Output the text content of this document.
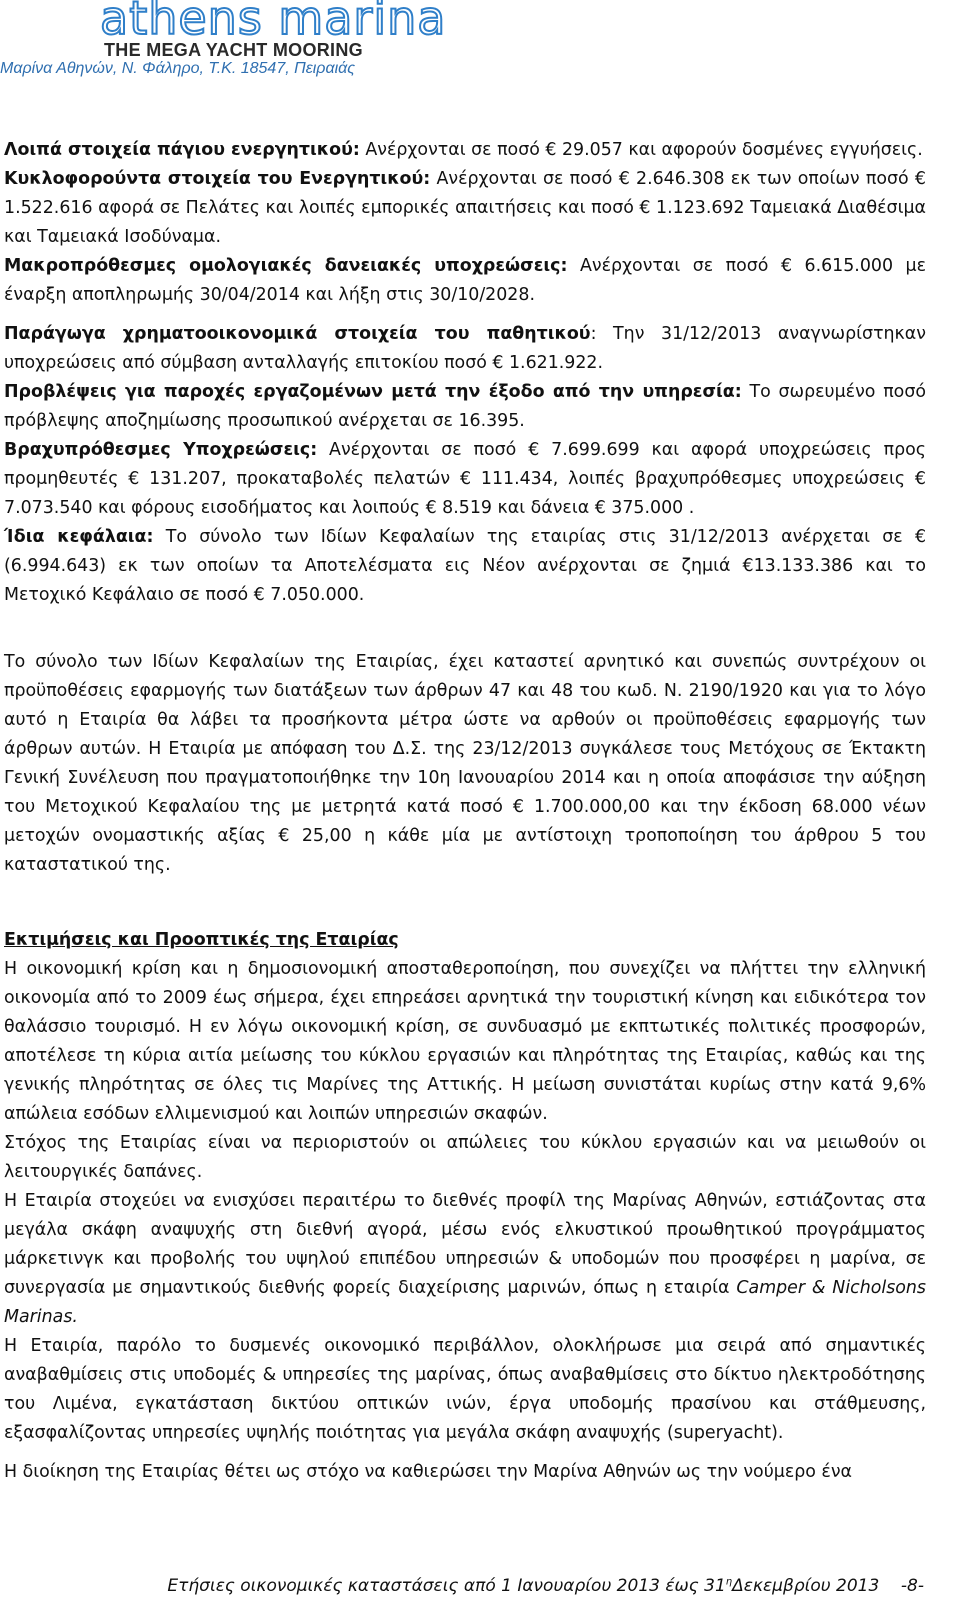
athens marina
THE MEGA YACHT MOORING
Μαρίνα Αθηνών, Ν. Φάληρο, Τ.Κ. 18547, Πειραιάς

Λοιπά στοιχεία πάγιου ενεργητικού: Ανέρχονται σε ποσό € 29.057 και αφορούν δοσμένες εγγυήσεις.

Κυκλοφορούντα στοιχεία του Ενεργητικού: Ανέρχονται σε ποσό € 2.646.308 εκ των οποίων ποσό € 1.522.616 αφορά σε Πελάτες και λοιπές εμπορικές απαιτήσεις και ποσό € 1.123.692 Ταμειακά Διαθέσιμα και Ταμειακά Ισοδύναμα.

Μακροπρόθεσμες ομολογιακές δανειακές υποχρεώσεις: Ανέρχονται σε ποσό € 6.615.000 με έναρξη αποπληρωμής 30/04/2014 και λήξη στις 30/10/2028.

Παράγωγα χρηματοοικονομικά στοιχεία του παθητικού: Την 31/12/2013 αναγνωρίστηκαν υποχρεώσεις από σύμβαση ανταλλαγής επιτοκίου ποσό € 1.621.922.

Προβλέψεις για παροχές εργαζομένων μετά την έξοδο από την υπηρεσία: Το σωρευμένο ποσό πρόβλεψης αποζημίωσης προσωπικού ανέρχεται σε 16.395.

Βραχυπρόθεσμες Υποχρεώσεις: Ανέρχονται σε ποσό € 7.699.699 και αφορά υποχρεώσεις προς προμηθευτές € 131.207, προκαταβολές πελατών € 111.434, λοιπές βραχυπρόθεσμες υποχρεώσεις € 7.073.540 και φόρους εισοδήματος και λοιπούς € 8.519 και δάνεια € 375.000 .

Ίδια κεφάλαια: Το σύνολο των Ιδίων Κεφαλαίων της εταιρίας στις 31/12/2013 ανέρχεται σε € (6.994.643) εκ των οποίων τα Αποτελέσματα εις Νέον ανέρχονται σε ζημιά €13.133.386 και το Μετοχικό Κεφάλαιο σε ποσό € 7.050.000.

Το σύνολο των Ιδίων Κεφαλαίων της Εταιρίας, έχει καταστεί αρνητικό και συνεπώς συντρέχουν οι προϋποθέσεις εφαρμογής των διατάξεων των άρθρων 47 και 48 του κωδ. Ν. 2190/1920 και για το λόγο αυτό η Εταιρία θα λάβει τα προσήκοντα μέτρα ώστε να αρθούν οι προϋποθέσεις εφαρμογής των άρθρων αυτών. Η Εταιρία με απόφαση του Δ.Σ. της 23/12/2013 συγκάλεσε τους Μετόχους σε Έκτακτη Γενική Συνέλευση που πραγματοποιήθηκε την 10η Ιανουαρίου 2014 και η οποία αποφάσισε την αύξηση του Μετοχικού Κεφαλαίου της με μετρητά κατά ποσό € 1.700.000,00 και την έκδοση 68.000 νέων μετοχών ονομαστικής αξίας € 25,00 η κάθε μία με αντίστοιχη τροποποίηση του άρθρου 5 του καταστατικού της.

Εκτιμήσεις και Προοπτικές της Εταιρίας

Η οικονομική κρίση και η δημοσιονομική αποσταθεροποίηση, που συνεχίζει να πλήττει την ελληνική οικονομία από το 2009 έως σήμερα, έχει επηρεάσει αρνητικά την τουριστική κίνηση και ειδικότερα τον θαλάσσιο τουρισμό. Η εν λόγω οικονομική κρίση, σε συνδυασμό με εκπτωτικές πολιτικές προσφορών, αποτέλεσε τη κύρια αιτία μείωσης του κύκλου εργασιών και πληρότητας της Εταιρίας, καθώς και της γενικής πληρότητας σε όλες τις Μαρίνες της Αττικής. Η μείωση συνιστάται κυρίως στην κατά 9,6% απώλεια εσόδων ελλιμενισμού και λοιπών υπηρεσιών σκαφών.

Στόχος της Εταιρίας είναι να περιοριστούν οι απώλειες του κύκλου εργασιών και να μειωθούν οι λειτουργικές δαπάνες.

Η Εταιρία στοχεύει να ενισχύσει περαιτέρω το διεθνές προφίλ της Μαρίνας Αθηνών, εστιάζοντας στα μεγάλα σκάφη αναψυχής στη διεθνή αγορά, μέσω ενός ελκυστικού προωθητικού προγράμματος μάρκετινγκ και προβολής του υψηλού επιπέδου υπηρεσιών & υποδομών που προσφέρει η μαρίνα, σε συνεργασία με σημαντικούς διεθνής φορείς διαχείρισης μαρινών, όπως η εταιρία Camper & Nicholsons Marinas.

Η Εταιρία, παρόλο το δυσμενές οικονομικό περιβάλλον, ολοκλήρωσε μια σειρά από σημαντικές αναβαθμίσεις στις υποδομές & υπηρεσίες της μαρίνας, όπως αναβαθμίσεις στο δίκτυο ηλεκτροδότησης του Λιμένα, εγκατάσταση δικτύου οπτικών ινών, έργα υποδομής πρασίνου και στάθμευσης, εξασφαλίζοντας υπηρεσίες υψηλής ποιότητας για μεγάλα σκάφη αναψυχής (superyacht).

Η διοίκηση της Εταιρίας θέτει ως στόχο να καθιερώσει την Μαρίνα Αθηνών ως την νούμερο ένα

Ετήσιες οικονομικές καταστάσεις από 1 Ιανουαρίου 2013 έως $31^\eta\Delta\varepsilon\kappa\varepsilon\mu\beta\rho ίo\upsilon$ 2013 -8-
